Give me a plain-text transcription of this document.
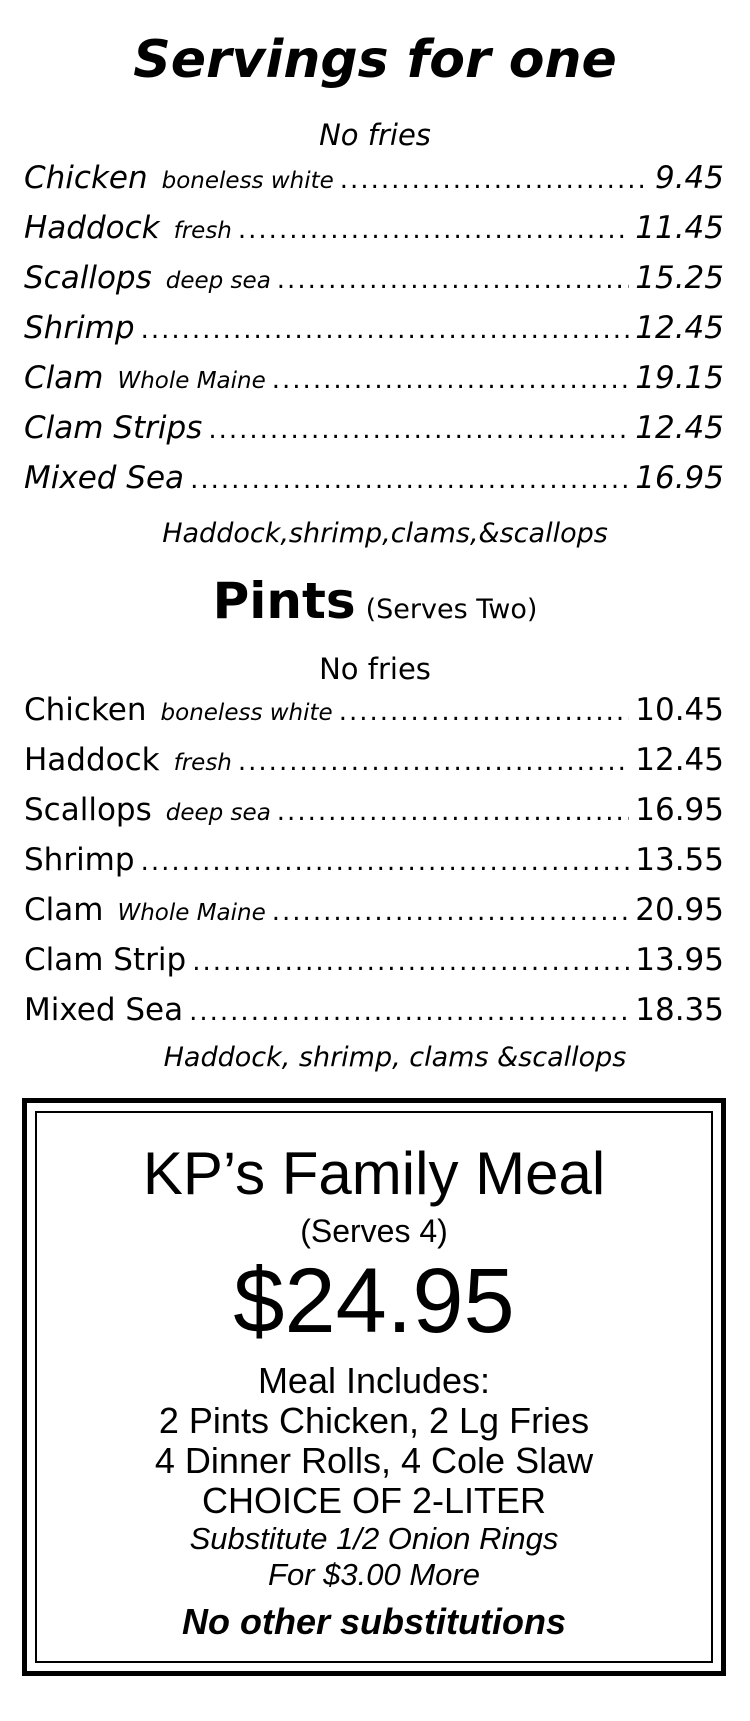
Servings for one
No fries
Chicken boneless white .....	9.45
Haddock fresh .....	11.45
Scallops deep sea .....	15.25
Shrimp .....	12.45
Clam Whole Maine .....	19.15
Clam Strips .....	12.45
Mixed Sea .....	16.95
Haddock,shrimp,clams,&scallops
Pints (Serves Two)
No fries
Chicken boneless white .....	10.45
Haddock fresh .....	12.45
Scallops deep sea .....	16.95
Shrimp .....	13.55
Clam Whole Maine .....	20.95
Clam Strip .....	13.95
Mixed Sea .....	18.35
Haddock, shrimp, clams &scallops
KP’s Family Meal
(Serves 4)
$24.95
Meal Includes:
2 Pints Chicken, 2 Lg Fries
4 Dinner Rolls, 4 Cole Slaw
CHOICE OF 2-LITER
Substitute 1/2 Onion Rings
For $3.00 More
No other substitutions
